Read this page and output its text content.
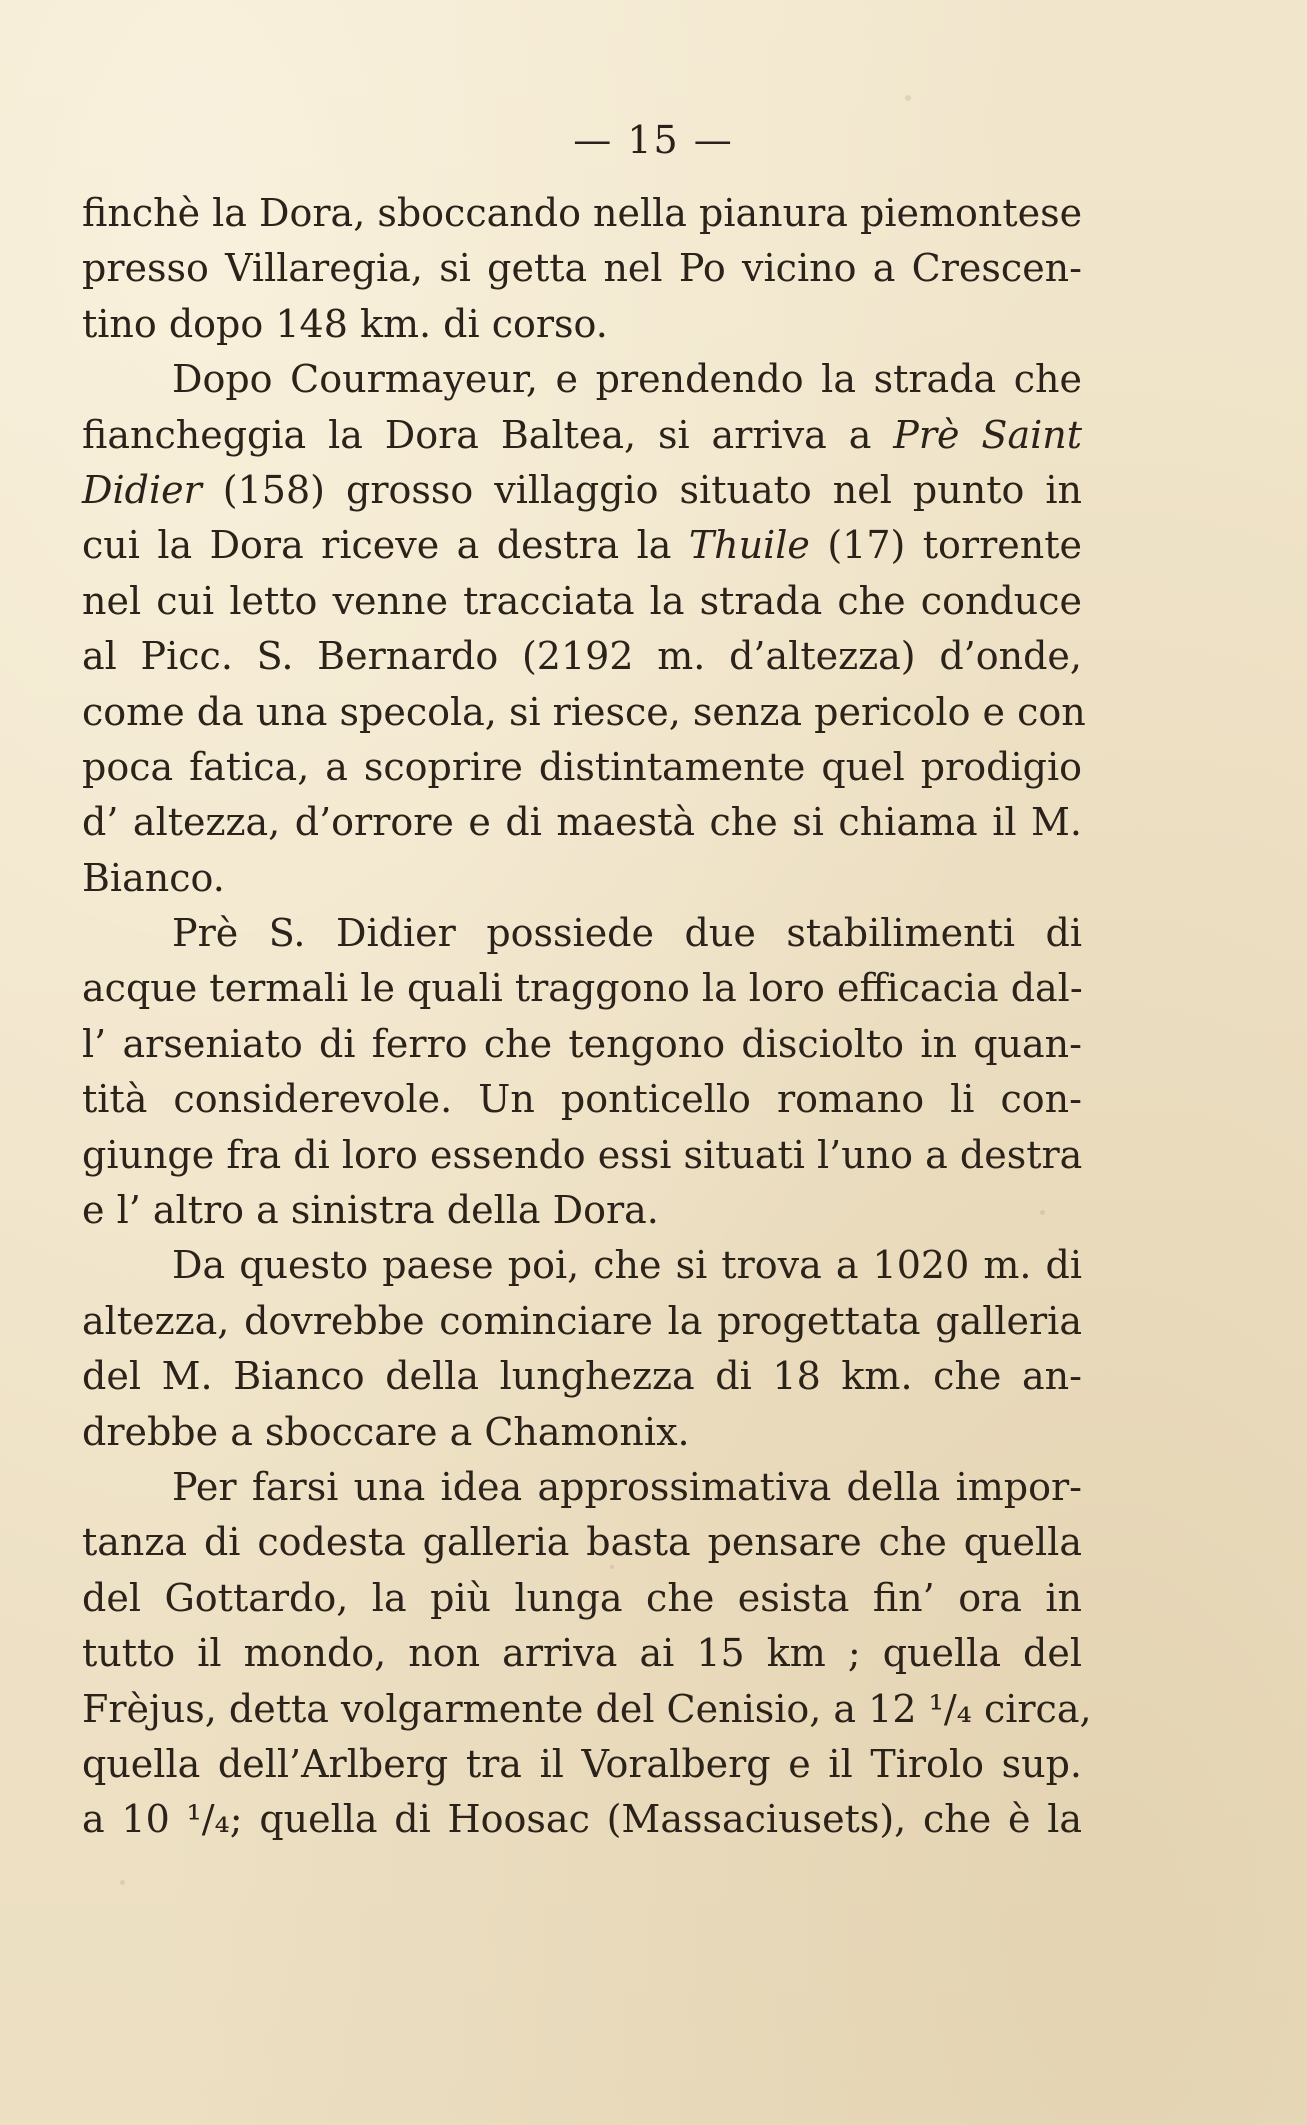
— 15 —
finchè la Dora, sboccando nella pianura piemontese
presso Villaregia, si getta nel Po vicino a Crescen-
tino dopo 148 km. di corso.
Dopo Courmayeur, e prendendo la strada che
fiancheggia la Dora Baltea, si arriva a Prè Saint
Didier (158) grosso villaggio situato nel punto in
cui la Dora riceve a destra la Thuile (17) torrente
nel cui letto venne tracciata la strada che conduce
al Picc. S. Bernardo (2192 m. d’altezza) d’onde,
come da una specola, si riesce, senza pericolo e con
poca fatica, a scoprire distintamente quel prodigio
d’ altezza, d’orrore e di maestà che si chiama il M.
Bianco.
Prè S. Didier possiede due stabilimenti di
acque termali le quali traggono la loro efficacia dal-
l’ arseniato di ferro che tengono disciolto in quan-
tità considerevole. Un ponticello romano li con-
giunge fra di loro essendo essi situati l’uno a destra
e l’ altro a sinistra della Dora.
Da questo paese poi, che si trova a 1020 m. di
altezza, dovrebbe cominciare la progettata galleria
del M. Bianco della lunghezza di 18 km. che an-
drebbe a sboccare a Chamonix.
Per farsi una idea approssimativa della impor-
tanza di codesta galleria basta pensare che quella
del Gottardo, la più lunga che esista fin’ ora in
tutto il mondo, non arriva ai 15 km ; quella del
Frèjus, detta volgarmente del Cenisio, a 12 ¹/₄ circa,
quella dell’Arlberg tra il Voralberg e il Tirolo sup.
a 10 ¹/₄; quella di Hoosac (Massaciusets), che è la
